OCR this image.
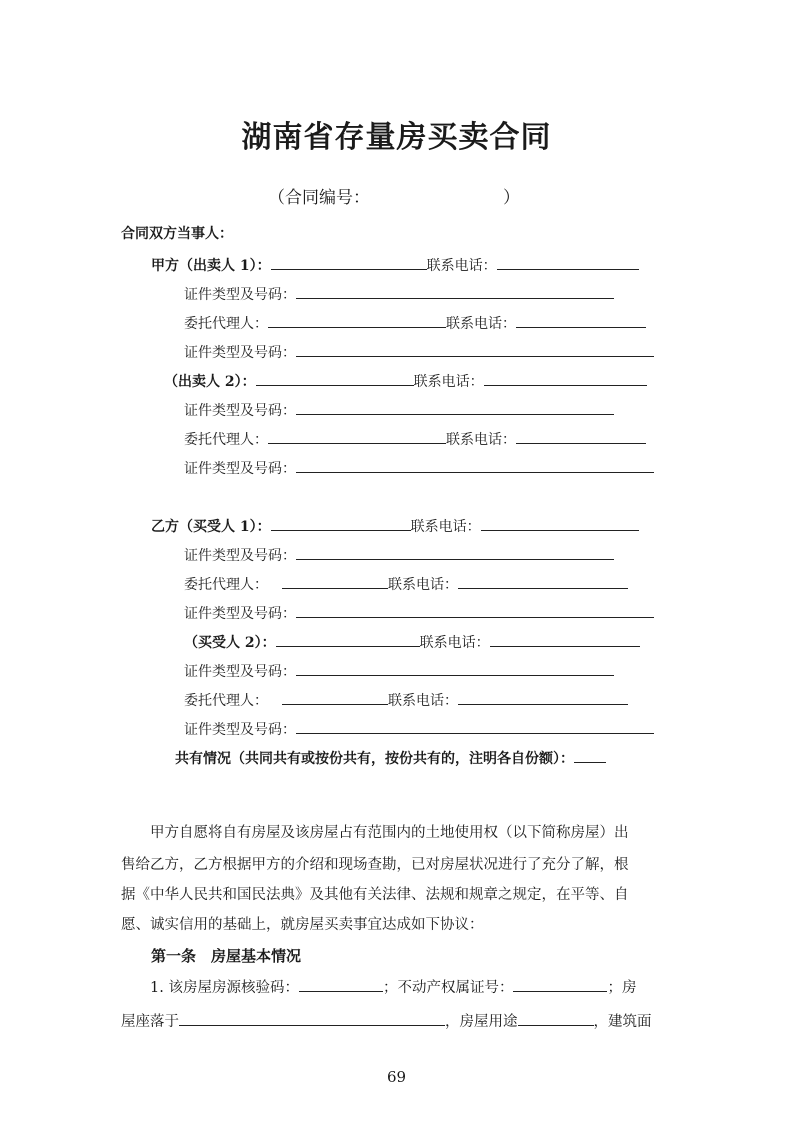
湖南省存量房买卖合同
（合同编号：	）
合同双方当事人：
甲方（出卖人 1）：	联系电话：
证件类型及号码：
委托代理人：	联系电话：
证件类型及号码：
（出卖人 2）：	联系电话：
证件类型及号码：
委托代理人：	联系电话：
证件类型及号码：
乙方（买受人 1）：	联系电话：
证件类型及号码：
委托代理人：	联系电话：
证件类型及号码：
（买受人 2）：	联系电话：
证件类型及号码：
委托代理人：	联系电话：
证件类型及号码：
共有情况（共同共有或按份共有，按份共有的，注明各自份额）：
甲方自愿将自有房屋及该房屋占有范围内的土地使用权（以下简称房屋）出
售给乙方，乙方根据甲方的介绍和现场查勘，已对房屋状况进行了充分了解，根
据《中华人民共和国民法典》及其他有关法律、法规和规章之规定，在平等、自
愿、诚实信用的基础上，就房屋买卖事宜达成如下协议：
第一条　房屋基本情况
1. 该房屋房源核验码：	；不动产权属证号：	；房
屋座落于	，房屋用途	，建筑面
69
